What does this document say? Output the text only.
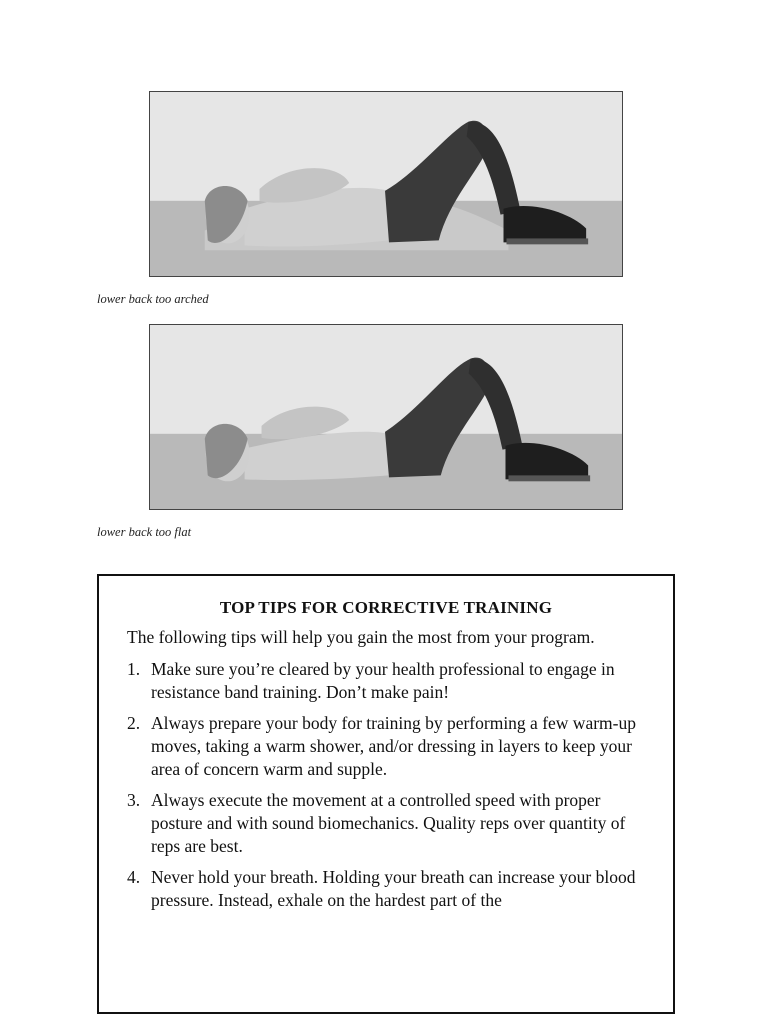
lower back too arched
lower back too flat
TOP TIPS FOR CORRECTIVE TRAINING

The following tips will help you gain the most from your program.

1. Make sure you’re cleared by your health professional to engage in resistance band training. Don’t make pain!
2. Always prepare your body for training by performing a few warm-up moves, taking a warm shower, and/or dressing in layers to keep your area of concern warm and supple.
3. Always execute the movement at a controlled speed with proper posture and with sound biomechanics. Quality reps over quantity of reps are best.
4. Never hold your breath. Holding your breath can increase your blood pressure. Instead, exhale on the hardest part of the
